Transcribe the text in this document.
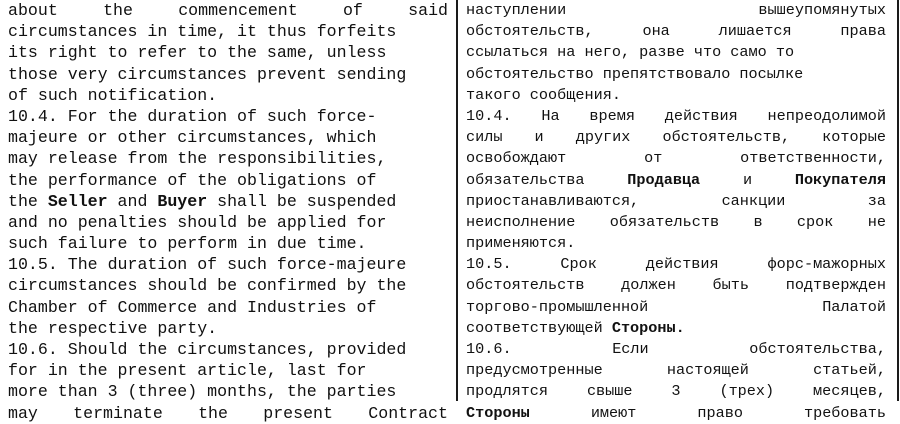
about	the	commencement	of	said
circumstances in time, it thus forfeits
its right to refer to the same, unless
those very circumstances prevent sending
of such notification.
10.4. For the duration of such force-
majeure or other circumstances, which
may release from the responsibilities,
the performance of the obligations of
the Seller and Buyer shall be suspended
and no penalties should be applied for
such failure to perform in due time.
10.5. The duration of such force-majeure
circumstances should be confirmed by the
Chamber of Commerce and Industries of
the respective party.
10.6. Should the circumstances, provided
for in the present article, last for
more than 3 (three) months, the parties
may terminate the present Contract
наступлении	вышеупомянутых
обстоятельств,	она	лишается	права
ссылаться на него, разве что само то
обстоятельство препятствовало посылке
такого сообщения.
10.4. На время действия непреодолимой
силы и других обстоятельств, которые
освобождают	от	ответственности,
обязательства	Продавца	и	Покупателя
приостанавливаются,	санкции	за
неисполнение обязательств в срок не
применяются.
10.5.	Срок	действия	форс-мажорных
обстоятельств должен быть подтвержден
торгово-промышленной	Палатой
соответствующей Стороны.
10.6.	Если	обстоятельства,
предусмотренные	настоящей	статьей,
продлятся	свыше	3	(трех)	месяцев,
Стороны	имеют	право	требовать
